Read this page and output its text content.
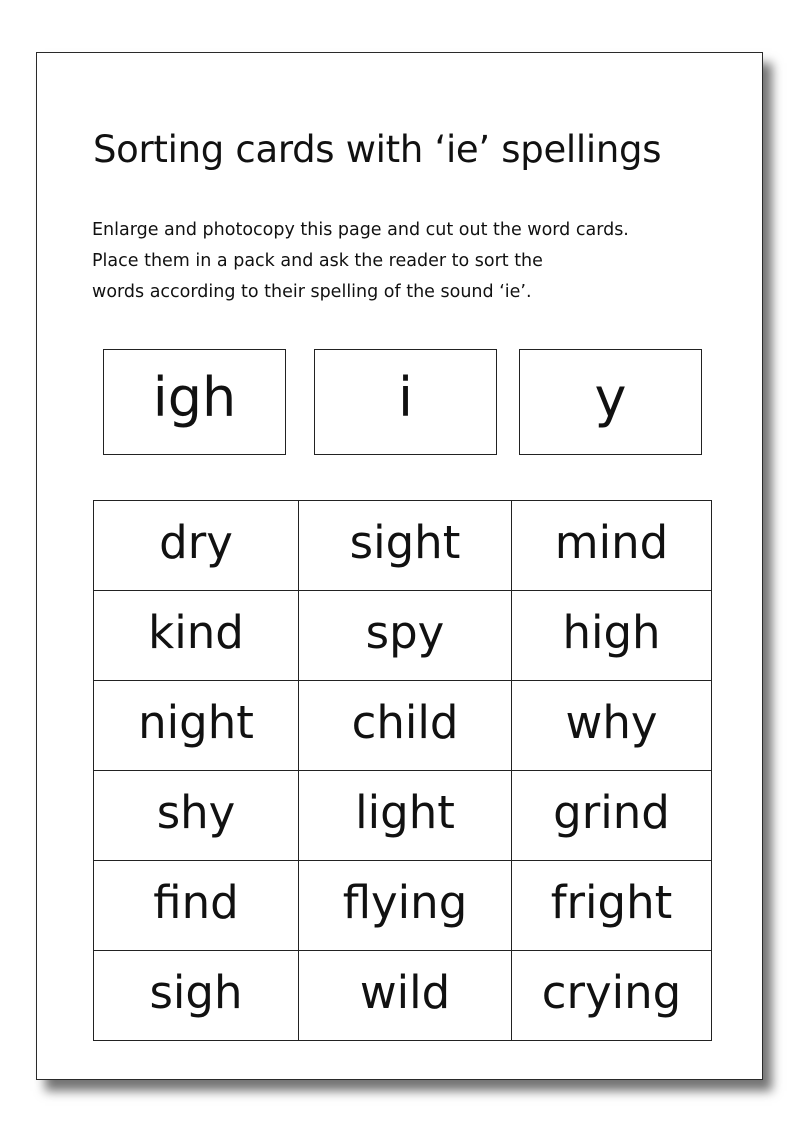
Sorting cards with ‘ie’ spellings

Enlarge and photocopy this page and cut out the word cards.
Place them in a pack and ask the reader to sort the
words according to their spelling of the sound ‘ie’.

igh	i	y
dry	sight	mind
kind	spy	high
night	child	why
shy	light	grind
find	flying	fright
sigh	wild	crying
